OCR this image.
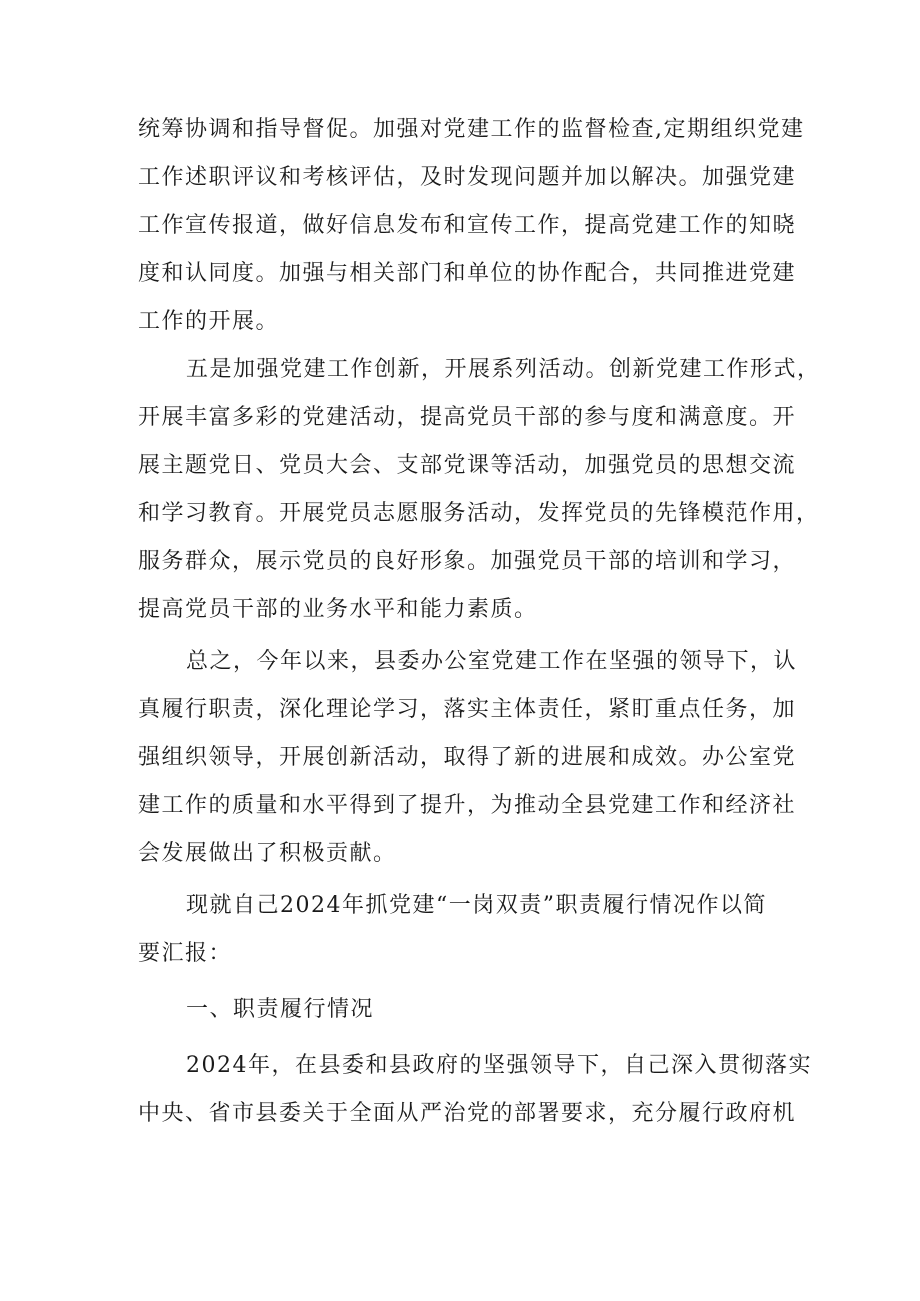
统筹协调和指导督促。加强对党建工作的监督检查,定期组织党建
工作述职评议和考核评估，及时发现问题并加以解决。加强党建
工作宣传报道，做好信息发布和宣传工作，提高党建工作的知晓
度和认同度。加强与相关部门和单位的协作配合，共同推进党建
工作的开展。
五是加强党建工作创新，开展系列活动。创新党建工作形式，
开展丰富多彩的党建活动，提高党员干部的参与度和满意度。开
展主题党日、党员大会、支部党课等活动，加强党员的思想交流
和学习教育。开展党员志愿服务活动，发挥党员的先锋模范作用，
服务群众，展示党员的良好形象。加强党员干部的培训和学习，
提高党员干部的业务水平和能力素质。
总之，今年以来，县委办公室党建工作在坚强的领导下，认
真履行职责，深化理论学习，落实主体责任，紧盯重点任务，加
强组织领导，开展创新活动，取得了新的进展和成效。办公室党
建工作的质量和水平得到了提升，为推动全县党建工作和经济社
会发展做出了积极贡献。
现就自己2024年抓党建“一岗双责”职责履行情况作以简
要汇报：
一、职责履行情况
2024年，在县委和县政府的坚强领导下，自己深入贯彻落实
中央、省市县委关于全面从严治党的部署要求，充分履行政府机
